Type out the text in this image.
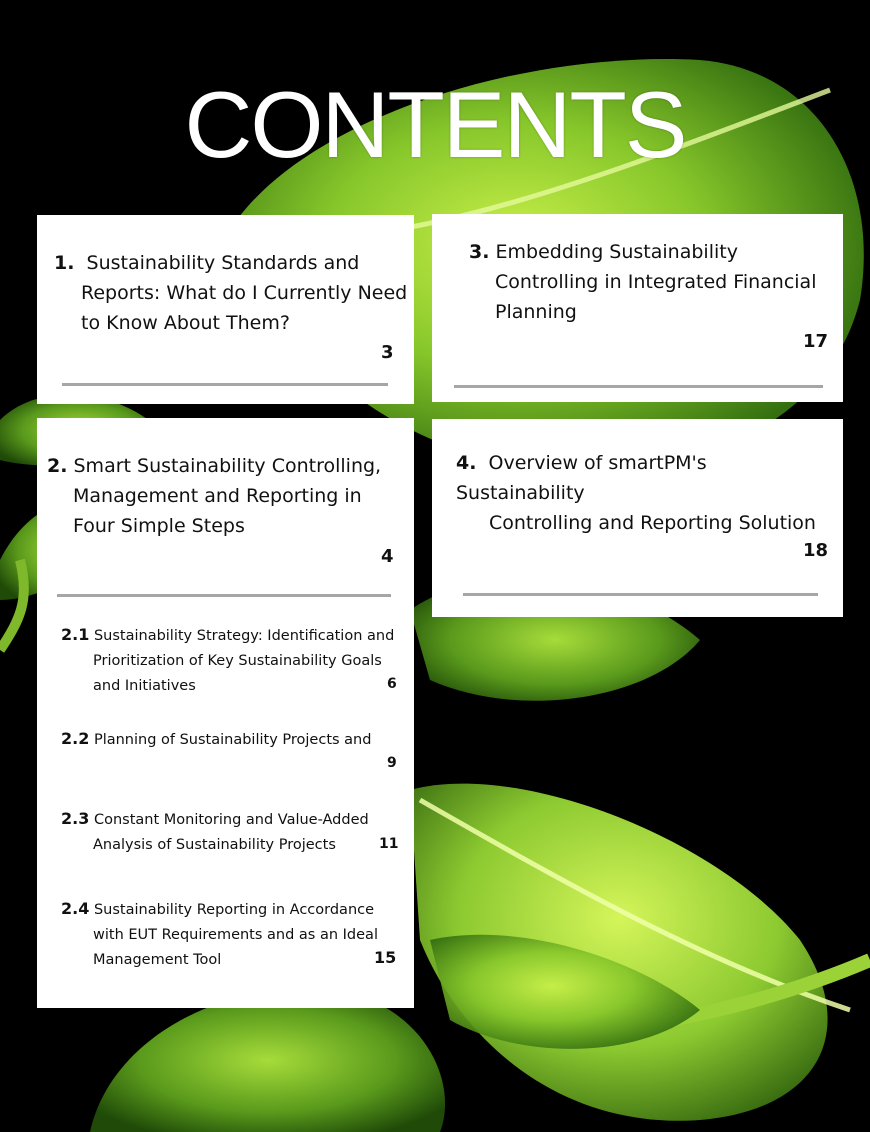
CONTENTS
1. Sustainability Standards and
Reports: What do I Currently Need
to Know About Them?
3
3. Embedding Sustainability
Controlling in Integrated Financial
Planning
17
2. Smart Sustainability Controlling,
Management and Reporting in
Four Simple Steps
4
2.1 Sustainability Strategy: Identification and
Prioritization of Key Sustainability Goals
and Initiatives	6
2.2 Planning of Sustainability Projects and
9
2.3 Constant Monitoring and Value-Added
Analysis of Sustainability Projects	11
2.4 Sustainability Reporting in Accordance
with EUT Requirements and as an Ideal
Management Tool	15
4. Overview of smartPM's Sustainability
Controlling and Reporting Solution
18
